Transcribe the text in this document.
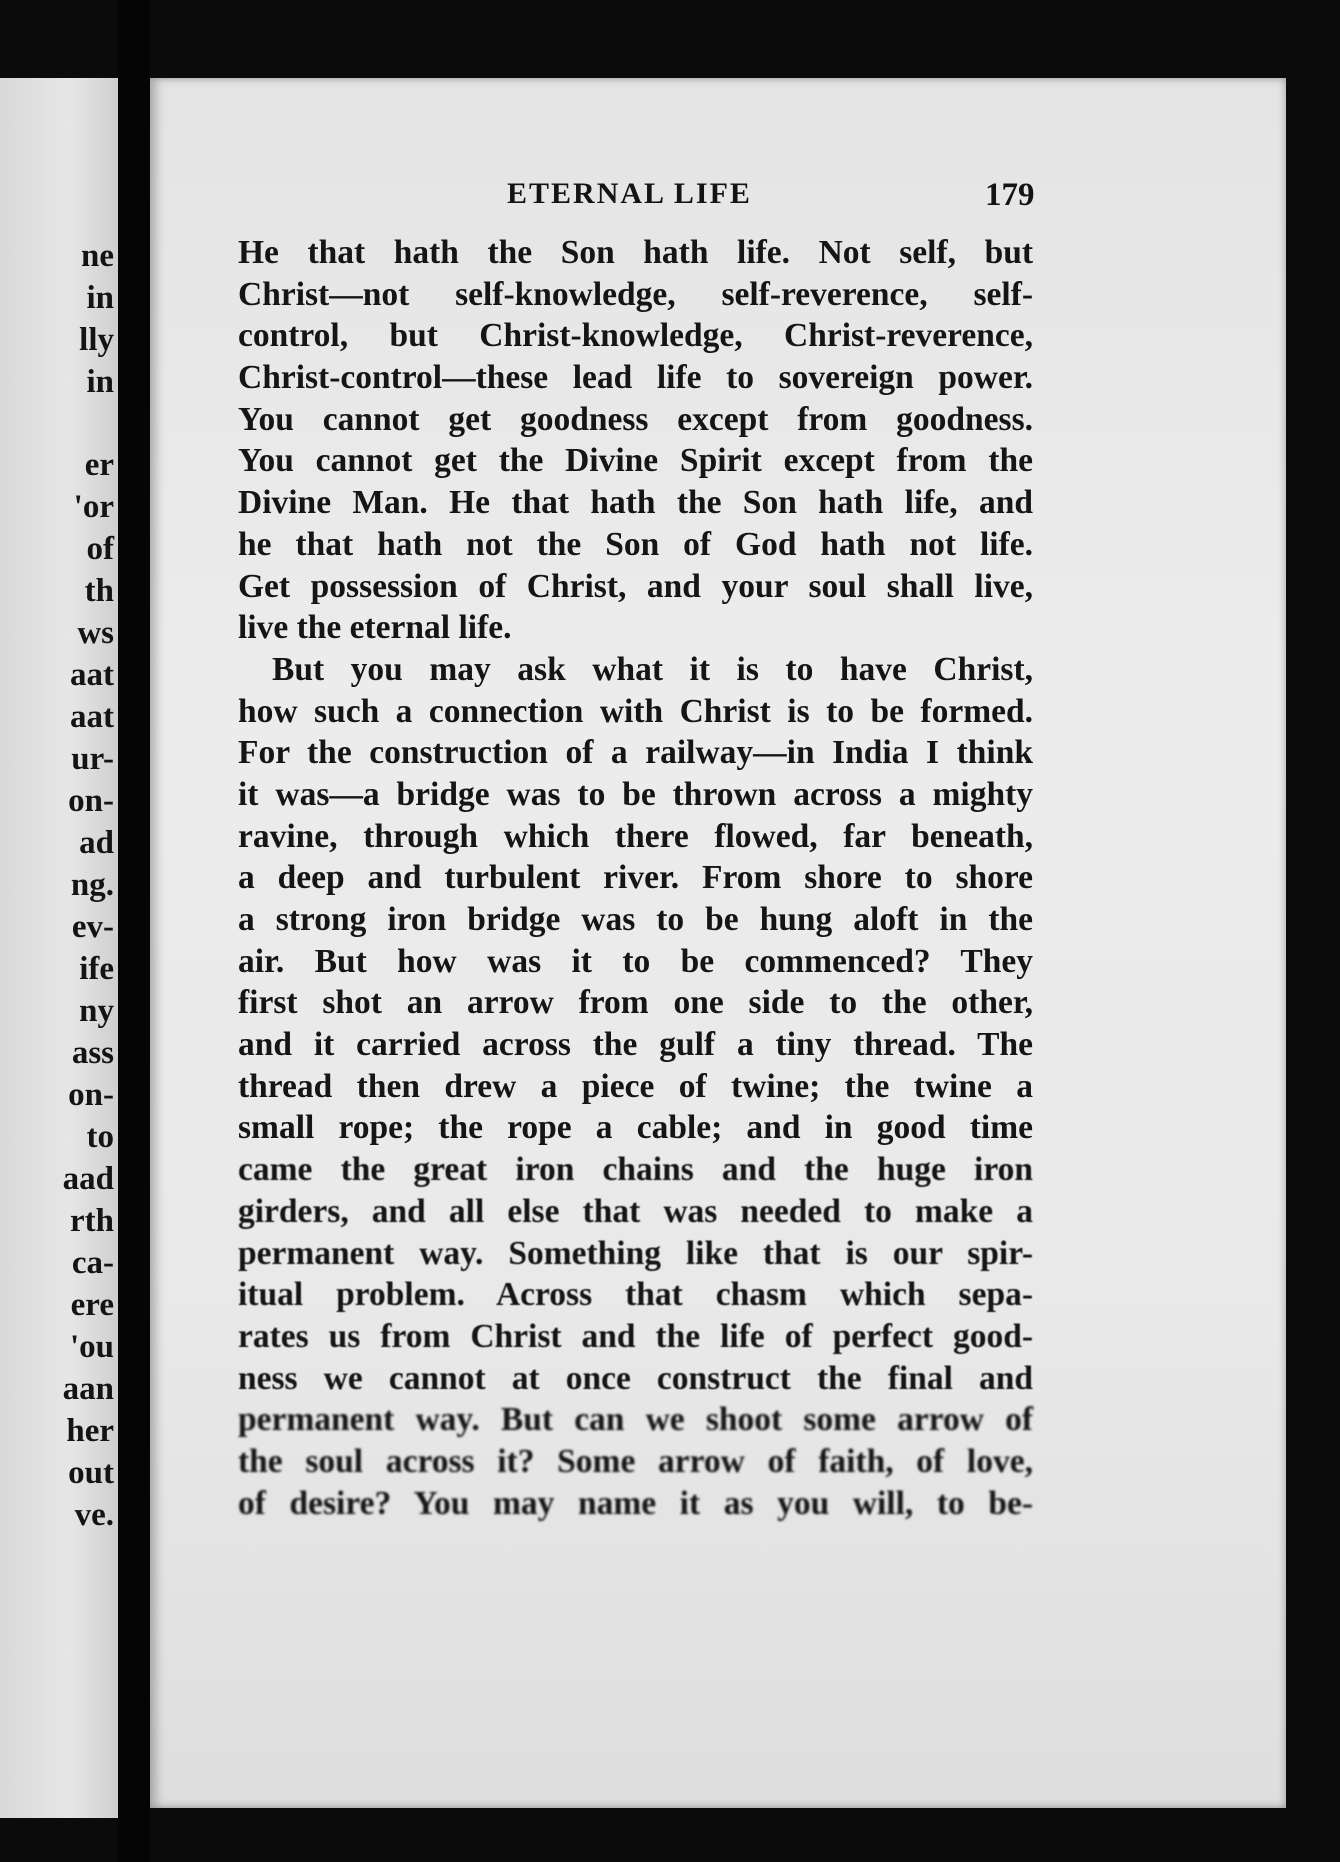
ne
in
lly
in
er
'or
of
th
ws
aat
aat
ur-
on-
ad
ng.
ev-
ife
ny
ass
on-
to
aad
rth
ca-
ere
'ou
aan
her
out
ve.
ETERNAL LIFE	179
He that hath the Son hath life. Not self, but
Christ—not self-knowledge, self-reverence, self-
control, but Christ-knowledge, Christ-reverence,
Christ-control—these lead life to sovereign power.
You cannot get goodness except from goodness.
You cannot get the Divine Spirit except from the
Divine Man. He that hath the Son hath life, and
he that hath not the Son of God hath not life.
Get possession of Christ, and your soul shall live,
live the eternal life.
But you may ask what it is to have Christ,
how such a connection with Christ is to be formed.
For the construction of a railway—in India I think
it was—a bridge was to be thrown across a mighty
ravine, through which there flowed, far beneath,
a deep and turbulent river. From shore to shore
a strong iron bridge was to be hung aloft in the
air. But how was it to be commenced? They
first shot an arrow from one side to the other,
and it carried across the gulf a tiny thread. The
thread then drew a piece of twine; the twine a
small rope; the rope a cable; and in good time
came the great iron chains and the huge iron
girders, and all else that was needed to make a
permanent way. Something like that is our spir-
itual problem. Across that chasm which sepa-
rates us from Christ and the life of perfect good-
ness we cannot at once construct the final and
permanent way. But can we shoot some arrow of
the soul across it? Some arrow of faith, of love,
of desire? You may name it as you will, to be-
